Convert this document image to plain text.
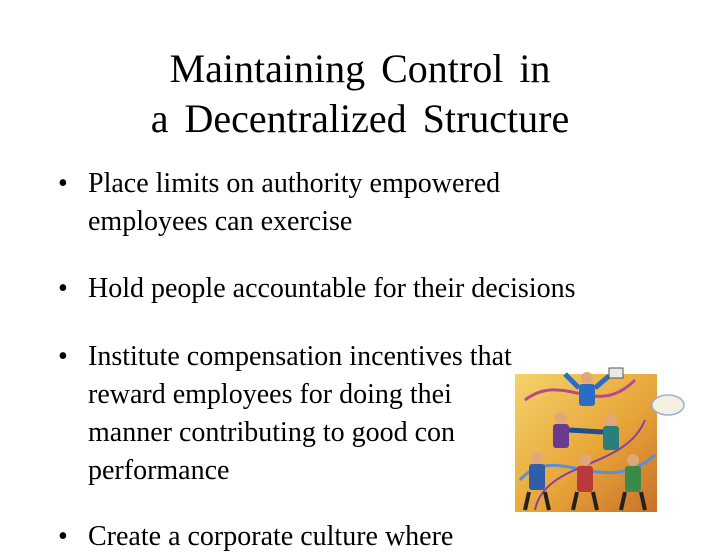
Maintaining Control in
a Decentralized Structure
• Place limits on authority empowered
employees can exercise
• Hold people accountable for their decisions
• Institute compensation incentives that
reward employees for doing thei
manner contributing to good con
performance
• Create a corporate culture where
